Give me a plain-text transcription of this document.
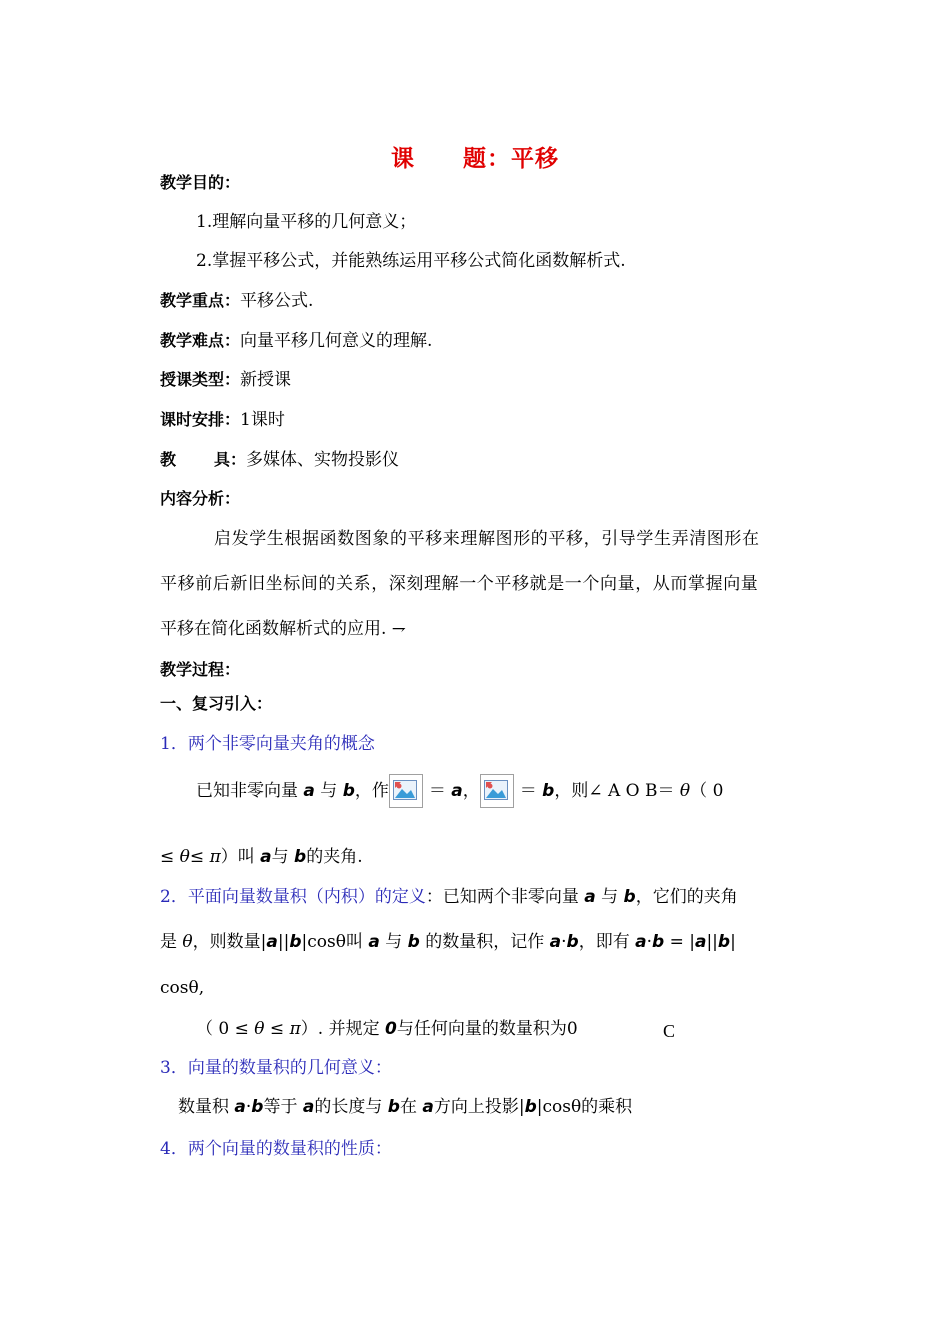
课 题：平移
教学目的：
1.理解向量平移的几何意义；
2.掌握平移公式，并能熟练运用平移公式简化函数解析式.
教学重点：平移公式.
教学难点：向量平移几何意义的理解.
授课类型：新授课
课时安排：1课时
教 具：多媒体、实物投影仪
内容分析：
启发学生根据函数图象的平移来理解图形的平移，引导学生弄清图形在
平移前后新旧坐标间的关系，深刻理解一个平移就是一个向量，从而掌握向量
平移在简化函数解析式的应用. ⇁
教学过程：
一、复习引入：
1．两个非零向量夹角的概念
已知非零向量 a 与 b，作 ＝ a， ＝ b，则∠ A O B＝ θ（ 0
≤ θ≤ π）叫 a与 b的夹角.
2．平面向量数量积（内积）的定义：已知两个非零向量 a 与 b，它们的夹角
是 θ，则数量|a||b|cosθ叫 a 与 b 的数量积，记作 a·b，即有 a·b = |a||b|
cosθ,
（ 0 ≤ θ ≤ π）. 并规定 0与任何向量的数量积为0	C
3．向量的数量积的几何意义：
数量积 a·b等于 a的长度与 b在 a方向上投影|b|cosθ的乘积
4．两个向量的数量积的性质：
